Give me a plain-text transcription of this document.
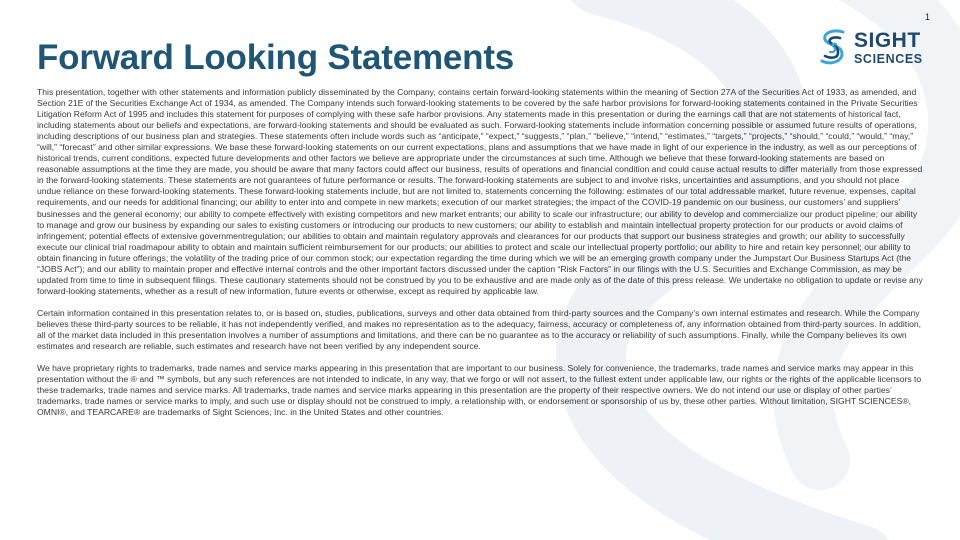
1
SIGHT
SCIENCES
Forward Looking Statements

This presentation, together with other statements and information publicly disseminated by the Company, contains certain forward-looking statements within the meaning of Section 27A of the Securities Act of 1933, as amended, and Section 21E of the Securities Exchange Act of 1934, as amended. The Company intends such forward-looking statements to be covered by the safe harbor provisions for forward-looking statements contained in the Private Securities Litigation Reform Act of 1995 and includes this statement for purposes of complying with these safe harbor provisions. Any statements made in this presentation or during the earnings call that are not statements of historical fact, including statements about our beliefs and expectations, are forward-looking statements and should be evaluated as such. Forward-looking statements include information concerning possible or assumed future results of operations, including descriptions of our business plan and strategies. These statements often include words such as “anticipate,” “expect,” “suggests,” “plan,” “believe,” “intend,” “estimates,” “targets,” “projects,” “should,” “could,” “would,” “may,” “will,” “forecast” and other similar expressions. We base these forward-looking statements on our current expectations, plans and assumptions that we have made in light of our experience in the industry, as well as our perceptions of historical trends, current conditions, expected future developments and other factors we believe are appropriate under the circumstances at such time. Although we believe that these forward-looking statements are based on reasonable assumptions at the time they are made, you should be aware that many factors could affect our business, results of operations and financial condition and could cause actual results to differ materially from those expressed in the forward-looking statements. These statements are not guarantees of future performance or results. The forward-looking statements are subject to and involve risks, uncertainties and assumptions, and you should not place undue reliance on these forward-looking statements. These forward-looking statements include, but are not limited to, statements concerning the following: estimates of our total addressable market, future revenue, expenses, capital requirements, and our needs for additional financing; our ability to enter into and compete in new markets; execution of our market strategies; the impact of the COVID-19 pandemic on our business, our customers’ and suppliers’ businesses and the general economy; our ability to compete effectively with existing competitors and new market entrants; our ability to scale our infrastructure; our ability to develop and commercialize our product pipeline; our ability to manage and grow our business by expanding our sales to existing customers or introducing our products to new customers; our ability to establish and maintain intellectual property protection for our products or avoid claims of infringement; potential effects of extensive governmentregulation; our abilities to obtain and maintain regulatory approvals and clearances for our products that support our business strategies and growth; our ability to successfully execute our clinical trial roadmapour ability to obtain and maintain sufficient reimbursement for our products; our abilities to protect and scale our intellectual property portfolio; our ability to hire and retain key personnel; our ability to obtain financing in future offerings; the volatility of the trading price of our common stock; our expectation regarding the time during which we will be an emerging growth company under the Jumpstart Our Business Startups Act (the “JOBS Act”); and our ability to maintain proper and effective internal controls and the other important factors discussed under the caption “Risk Factors” in our filings with the U.S. Securities and Exchange Commission, as may be updated from time to time in subsequent filings. These cautionary statements should not be construed by you to be exhaustive and are made only as of the date of this press release. We undertake no obligation to update or revise any forward-looking statements, whether as a result of new information, future events or otherwise, except as required by applicable law.

Certain information contained in this presentation relates to, or is based on, studies, publications, surveys and other data obtained from third-party sources and the Company’s own internal estimates and research. While the Company believes these third-party sources to be reliable, it has not independently verified, and makes no representation as to the adequacy, fairness, accuracy or completeness of, any information obtained from third-party sources. In addition, all of the market data included in this presentation involves a number of assumptions and limitations, and there can be no guarantee as to the accuracy or reliability of such assumptions. Finally, while the Company believes its own estimates and research are reliable, such estimates and research have not been verified by any independent source.

We have proprietary rights to trademarks, trade names and service marks appearing in this presentation that are important to our business. Solely for convenience, the trademarks, trade names and service marks may appear in this presentation without the ® and ™ symbols, but any such references are not intended to indicate, in any way, that we forgo or will not assert, to the fullest extent under applicable law, our rights or the rights of the applicable licensors to these trademarks, trade names and service marks. All trademarks, trade names and service marks appearing in this presentation are the property of their respective owners. We do not intend our use or display of other parties’ trademarks, trade names or service marks to imply, and such use or display should not be construed to imply, a relationship with, or endorsement or sponsorship of us by, these other parties. Without limitation, SIGHT SCIENCES®, OMNI®, and TEARCARE® are trademarks of Sight Sciences, Inc. in the United States and other countries.
